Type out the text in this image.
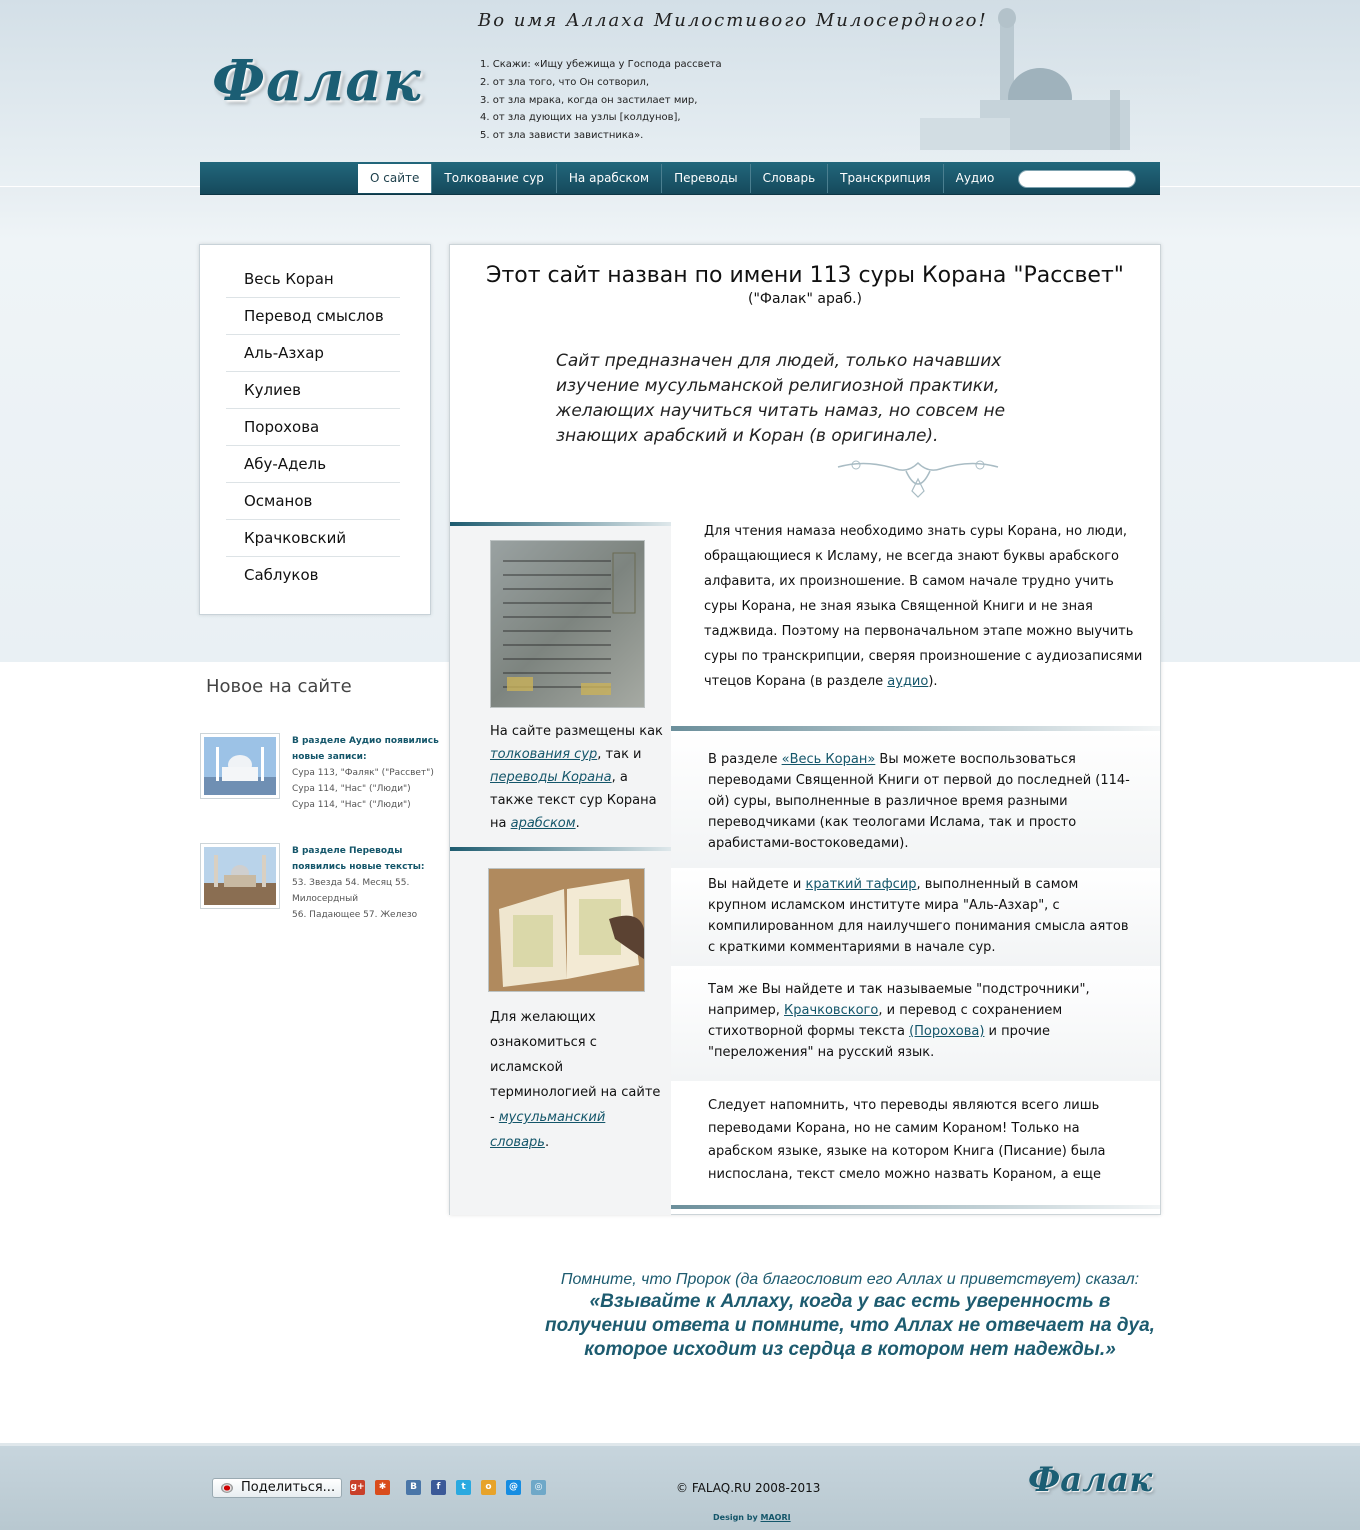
Фалак
Во имя Аллаха Милостивого Милосердного!
1. Скажи: «Ищу убежища у Господа рассвета
2. от зла того, что Он сотворил,
3. от зла мрака, когда он застилает мир,
4. от зла дующих на узлы [колдунов],
5. от зла зависти завистника».
О сайте	Толкование сур	На арабском	Переводы	Словарь	Транскрипция	Аудио
Весь Коран
Перевод смыслов
Аль-Азхар
Кулиев
Порохова
Абу-Адель
Османов
Крачковский
Саблуков
Новое на сайте
В разделе Аудио появились новые записи:
Сура 113, "Фаляк" ("Рассвет")
Сура 114, "Нас" ("Люди")
Сура 114, "Нас" ("Люди")
В разделе Переводы появились новые тексты:
53. Звезда 54. Месяц 55. Милосердный
56. Падающее 57. Железо
Этот сайт назван по имени 113 суры Корана "Рассвет"
("Фалак" араб.)
Сайт предназначен для людей, только начавших изучение мусульманской религиозной практики, желающих научиться читать намаз, но совсем не знающих арабский и Коран (в оригинале).
На сайте размещены как толкования сур, так и переводы Корана, а также текст сур Корана на арабском.
Для желающих ознакомиться с исламской терминологией на сайте - мусульманский словарь.
Для чтения намаза необходимо знать суры Корана, но люди, обращающиеся к Исламу, не всегда знают буквы арабского алфавита, их произношение. В самом начале трудно учить суры Корана, не зная языка Священной Книги и не зная таджвида. Поэтому на первоначальном этапе можно выучить суры по транскрипции, сверяя произношение с аудиозаписями чтецов Корана (в разделе аудио).
В разделе «Весь Коран» Вы можете воспользоваться переводами Священной Книги от первой до последней (114-ой) суры, выполненные в различное время разными переводчиками (как теологами Ислама, так и просто арабистами-востоковедами).
Вы найдете и краткий тафсир, выполненный в самом крупном исламском институте мира "Аль-Азхар", с компилированном для наилучшего понимания смысла аятов с краткими комментариями в начале сур.
Там же Вы найдете и так называемые "подстрочники", например, Крачковского, и перевод с сохранением стихотворной формы текста (Порохова) и прочие "переложения" на русский язык.
Следует напомнить, что переводы являются всего лишь переводами Корана, но не самим Кораном! Только на арабском языке, языке на котором Книга (Писание) была ниспослана, текст смело можно назвать Кораном, а еще
Помните, что Пророк (да благословит его Аллах и приветствует) сказал:
«Взывайте к Аллаху, когда у вас есть уверенность в получении ответа и помните, что Аллах не отвечает на дуа, которое исходит из сердца в котором нет надежды.»
Поделиться...	g+	✱	В	f	t	о	@	◎	© FALAQ.RU 2008-2013
Design by MAORI
Фалак
